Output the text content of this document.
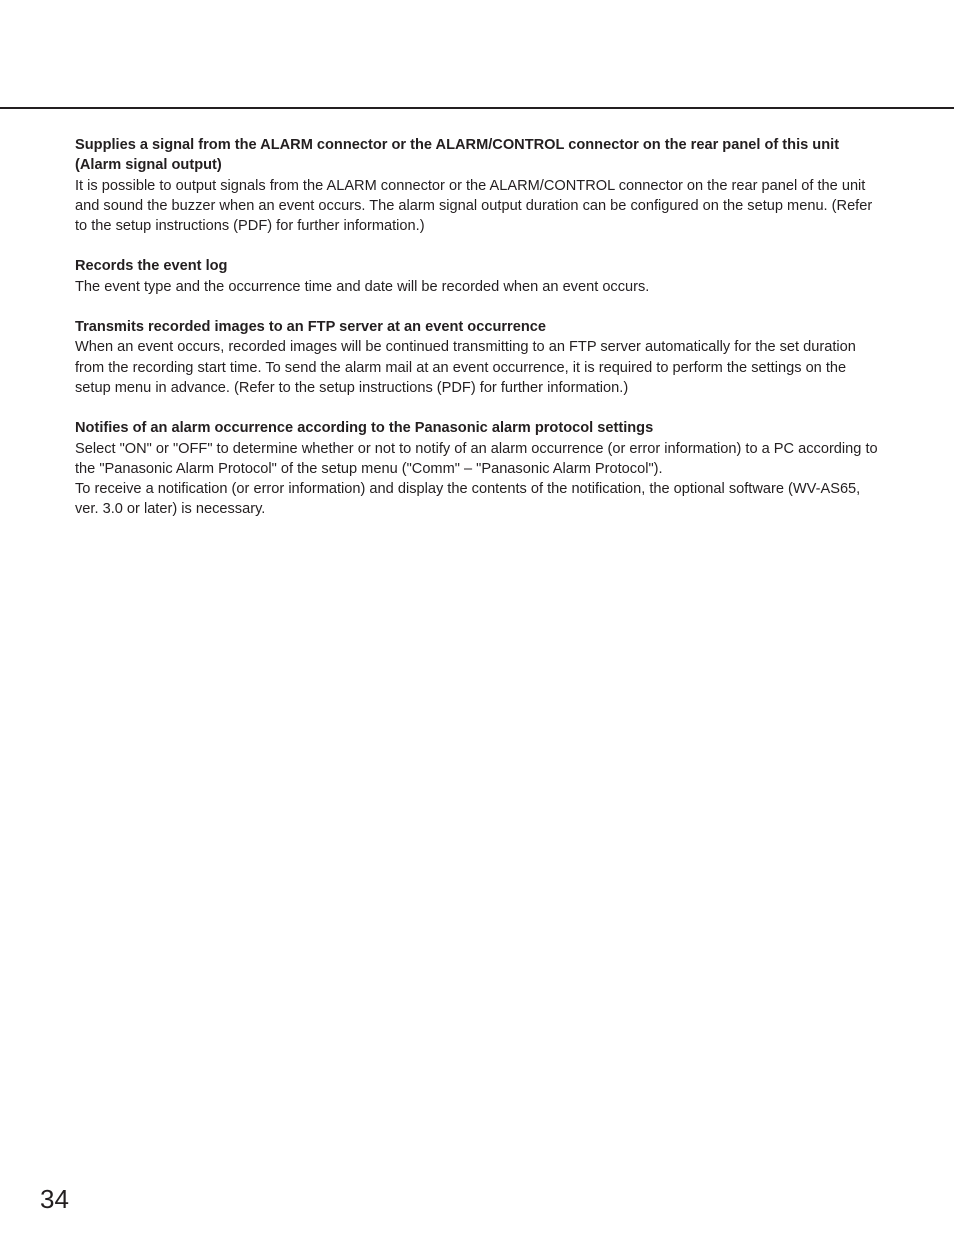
Supplies a signal from the ALARM connector or the ALARM/CONTROL connector on the rear panel of this unit (Alarm signal output)

It is possible to output signals from the ALARM connector or the ALARM/CONTROL connector on the rear panel of the unit and sound the buzzer when an event occurs. The alarm signal output duration can be configured on the setup menu. (Refer to the setup instructions (PDF) for further information.)

Records the event log

The event type and the occurrence time and date will be recorded when an event occurs.

Transmits recorded images to an FTP server at an event occurrence

When an event occurs, recorded images will be continued transmitting to an FTP server automatically for the set duration from the recording start time. To send the alarm mail at an event occurrence, it is required to perform the settings on the setup menu in advance. (Refer to the setup instructions (PDF) for further information.)

Notifies of an alarm occurrence according to the Panasonic alarm protocol settings

Select "ON" or "OFF" to determine whether or not to notify of an alarm occurrence (or error information) to a PC according to the "Panasonic Alarm Protocol" of the setup menu ("Comm" – "Panasonic Alarm Protocol").

To receive a notification (or error information) and display the contents of the notification, the optional software (WV-AS65, ver. 3.0 or later) is necessary.

34
